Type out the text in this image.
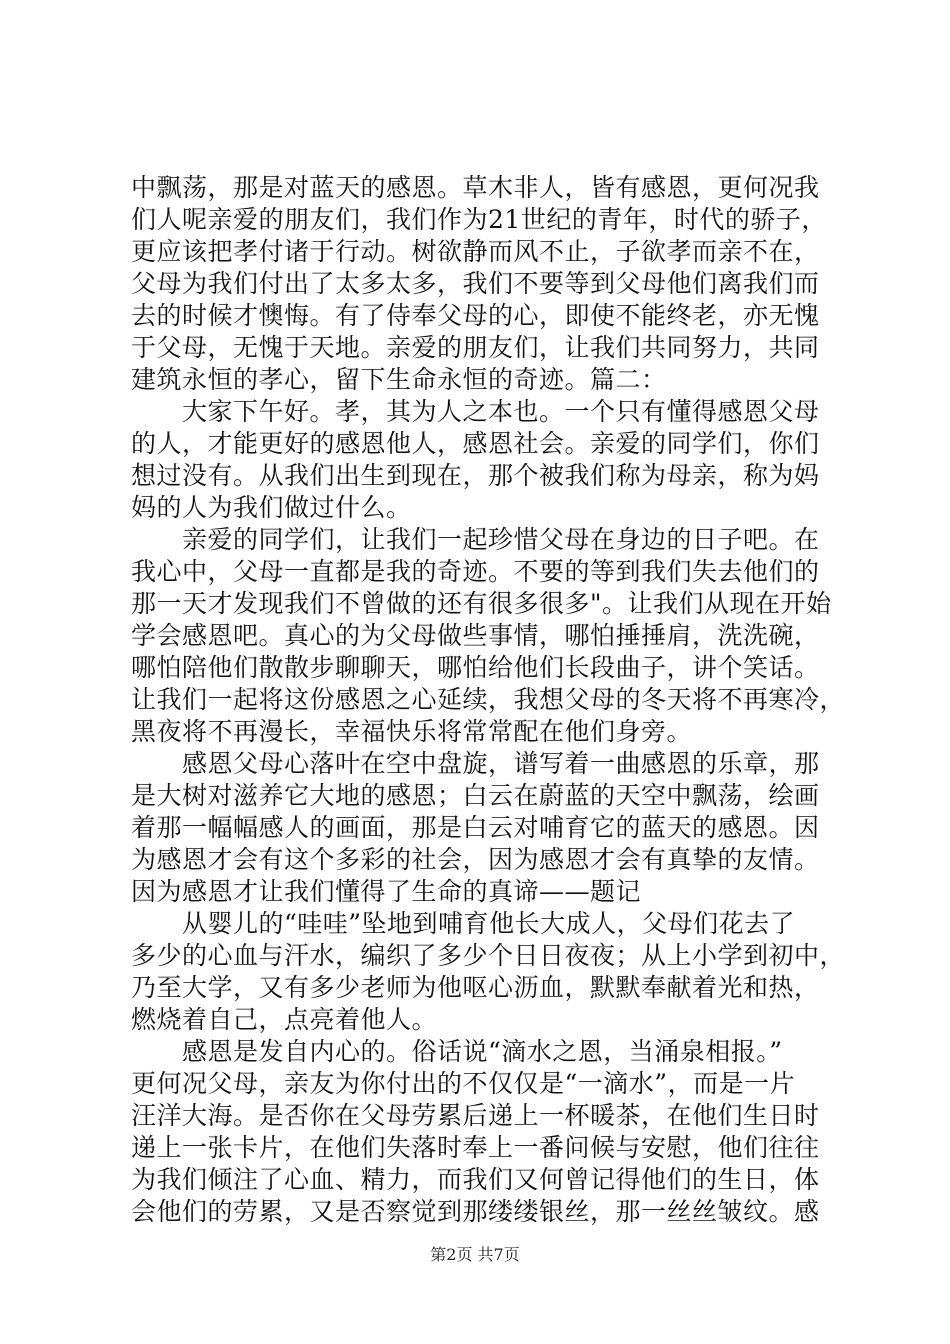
中飘荡，那是对蓝天的感恩。草木非人，皆有感恩，更何况我
们人呢亲爱的朋友们，我们作为21世纪的青年，时代的骄子，
更应该把孝付诸于行动。树欲静而风不止，子欲孝而亲不在，
父母为我们付出了太多太多，我们不要等到父母他们离我们而
去的时候才懊悔。有了侍奉父母的心，即使不能终老，亦无愧
于父母，无愧于天地。亲爱的朋友们，让我们共同努力，共同
建筑永恒的孝心，留下生命永恒的奇迹。篇二：
大家下午好。孝，其为人之本也。一个只有懂得感恩父母
的人，才能更好的感恩他人，感恩社会。亲爱的同学们，你们
想过没有。从我们出生到现在，那个被我们称为母亲，称为妈
妈的人为我们做过什么。
亲爱的同学们，让我们一起珍惜父母在身边的日子吧。在
我心中，父母一直都是我的奇迹。不要的等到我们失去他们的
那一天才发现我们不曾做的还有很多很多"。让我们从现在开始
学会感恩吧。真心的为父母做些事情，哪怕捶捶肩，洗洗碗，
哪怕陪他们散散步聊聊天，哪怕给他们长段曲子，讲个笑话。
让我们一起将这份感恩之心延续，我想父母的冬天将不再寒冷，
黑夜将不再漫长，幸福快乐将常常配在他们身旁。
感恩父母心落叶在空中盘旋，谱写着一曲感恩的乐章，那
是大树对滋养它大地的感恩；白云在蔚蓝的天空中飘荡，绘画
着那一幅幅感人的画面，那是白云对哺育它的蓝天的感恩。因
为感恩才会有这个多彩的社会，因为感恩才会有真挚的友情。
因为感恩才让我们懂得了生命的真谛——题记
从婴儿的“哇哇”坠地到哺育他长大成人，父母们花去了
多少的心血与汗水，编织了多少个日日夜夜；从上小学到初中，
乃至大学，又有多少老师为他呕心沥血，默默奉献着光和热，
燃烧着自己，点亮着他人。
感恩是发自内心的。俗话说“滴水之恩，当涌泉相报。”
更何况父母，亲友为你付出的不仅仅是“一滴水”，而是一片
汪洋大海。是否你在父母劳累后递上一杯暖茶，在他们生日时
递上一张卡片，在他们失落时奉上一番问候与安慰，他们往往
为我们倾注了心血、精力，而我们又何曾记得他们的生日，体
会他们的劳累，又是否察觉到那缕缕银丝，那一丝丝皱纹。感
第2页 共7页
